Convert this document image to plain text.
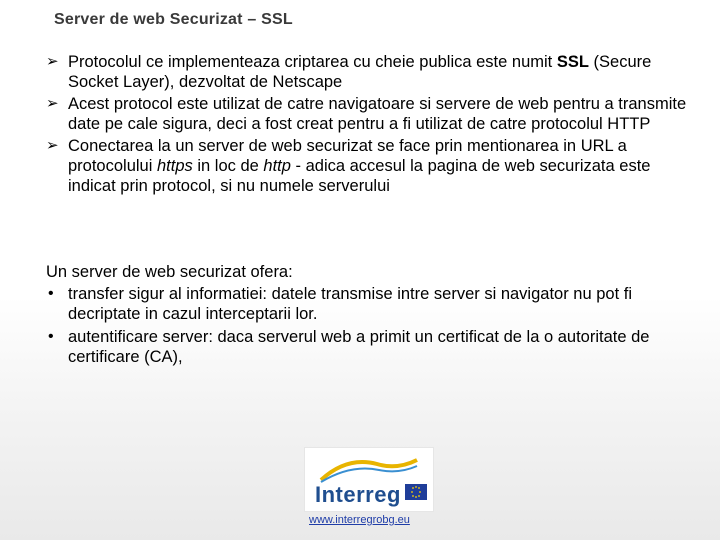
Server de web Securizat – SSL
➢ Protocolul ce implementeaza criptarea cu cheie publica este numit SSL (Secure Socket Layer), dezvoltat de Netscape
➢ Acest protocol este utilizat de catre navigatoare si servere de web pentru a transmite date pe cale sigura, deci a fost creat pentru a fi utilizat de catre protocolul HTTP
➢ Conectarea la un server de web securizat se face prin mentionarea in URL a protocolului https in loc de http - adica accesul la pagina de web securizata este indicat prin protocol, si nu numele serverului
Un server de web securizat ofera:
• transfer sigur al informatiei: datele transmise intre server si navigator nu pot fi decriptate in cazul interceptarii lor.
• autentificare server: daca serverul web a primit un certificat de la o autoritate de certificare (CA),
Interreg
www.interregrobg.eu
